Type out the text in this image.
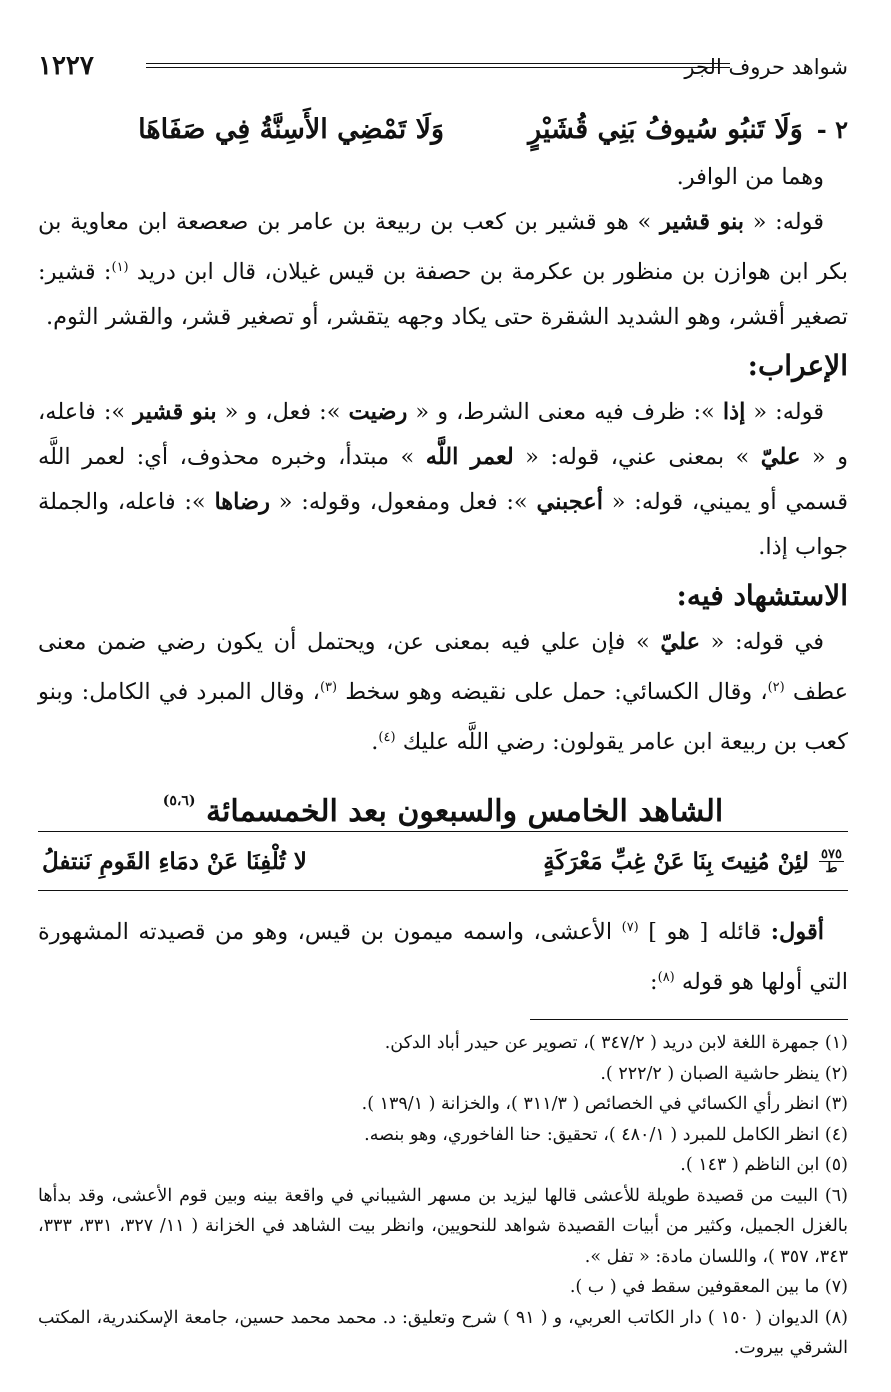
شواهد حروف الجر
١٢٢٧
٢ -
وَلَا تَنبُو سُيوفُ بَنِي قُشَيْرٍ
وَلَا تَمْضِي الأَسِنَّةُ فِي صَفَاهَا

وهما من الوافر.

قوله: « بنو قشير » هو قشير بن كعب بن ربيعة بن عامر بن صعصعة ابن معاوية بن بكر ابن هوازن بن منظور بن عكرمة بن حصفة بن قيس غيلان، قال ابن دريد $^{(١)}$: قشير: تصغير أقشر، وهو الشديد الشقرة حتى يكاد وجهه يتقشر، أو تصغير قشر، والقشر الثوم.

الإعراب:

قوله: « إذا »: ظرف فيه معنى الشرط، و « رضيت »: فعل، و « بنو قشير »: فاعله، و « عليّ » بمعنى عني، قوله: « لعمر اللَّه » مبتدأ، وخبره محذوف، أي: لعمر اللَّه قسمي أو يميني، قوله: « أعجبني »: فعل ومفعول، وقوله: « رضاها »: فاعله، والجملة جواب إذا.

الاستشهاد فيه:

في قوله: « عليّ » فإن علي فيه بمعنى عن، ويحتمل أن يكون رضي ضمن معنى عطف $^{(٢)}$، وقال الكسائي: حمل على نقيضه وهو سخط $^{(٣)}$، وقال المبرد في الكامل: وبنو كعب بن ربيعة ابن عامر يقولون: رضي اللَّه عليك $^{(٤)}$.

الشاهد الخامس والسبعون بعد الخمسمائة $^{(٥،٦)}$
٥٧٥
ط
لئِنْ مُنِيتَ بِنَا عَنْ غِبِّ مَعْرَكَةٍ
لا تُلْفِنَا عَنْ دمَاءِ القَومِ نَنتفلُ

أقول: قائله [ هو ] $^{(٧)}$ الأعشى، واسمه ميمون بن قيس، وهو من قصيدته المشهورة التي أولها هو قوله $^{(٨)}$:

(١) جمهرة اللغة لابن دريد ( ٣٤٧/٢ )، تصوير عن حيدر أباد الدكن.

(٢) ينظر حاشية الصبان ( ٢٢٢/٢ ).

(٣) انظر رأي الكسائي في الخصائص ( ٣١١/٣ )، والخزانة ( ١٣٩/١ ).

(٤) انظر الكامل للمبرد ( ٤٨٠/١ )، تحقيق: حنا الفاخوري، وهو بنصه.

(٥) ابن الناظم ( ١٤٣ ).

(٦) البيت من قصيدة طويلة للأعشى قالها ليزيد بن مسهر الشيباني في واقعة بينه وبين قوم الأعشى، وقد بدأها بالغزل الجميل، وكثير من أبيات القصيدة شواهد للنحويين، وانظر بيت الشاهد في الخزانة ( ١١/ ٣٢٧، ٣٣١، ٣٣٣، ٣٤٣، ٣٥٧ )، واللسان مادة: « تفل ».

(٧) ما بين المعقوفين سقط في ( ب ).

(٨) الديوان ( ١٥٠ ) دار الكاتب العربي، و ( ٩١ ) شرح وتعليق: د. محمد محمد حسين، جامعة الإسكندرية، المكتب الشرقي بيروت.
